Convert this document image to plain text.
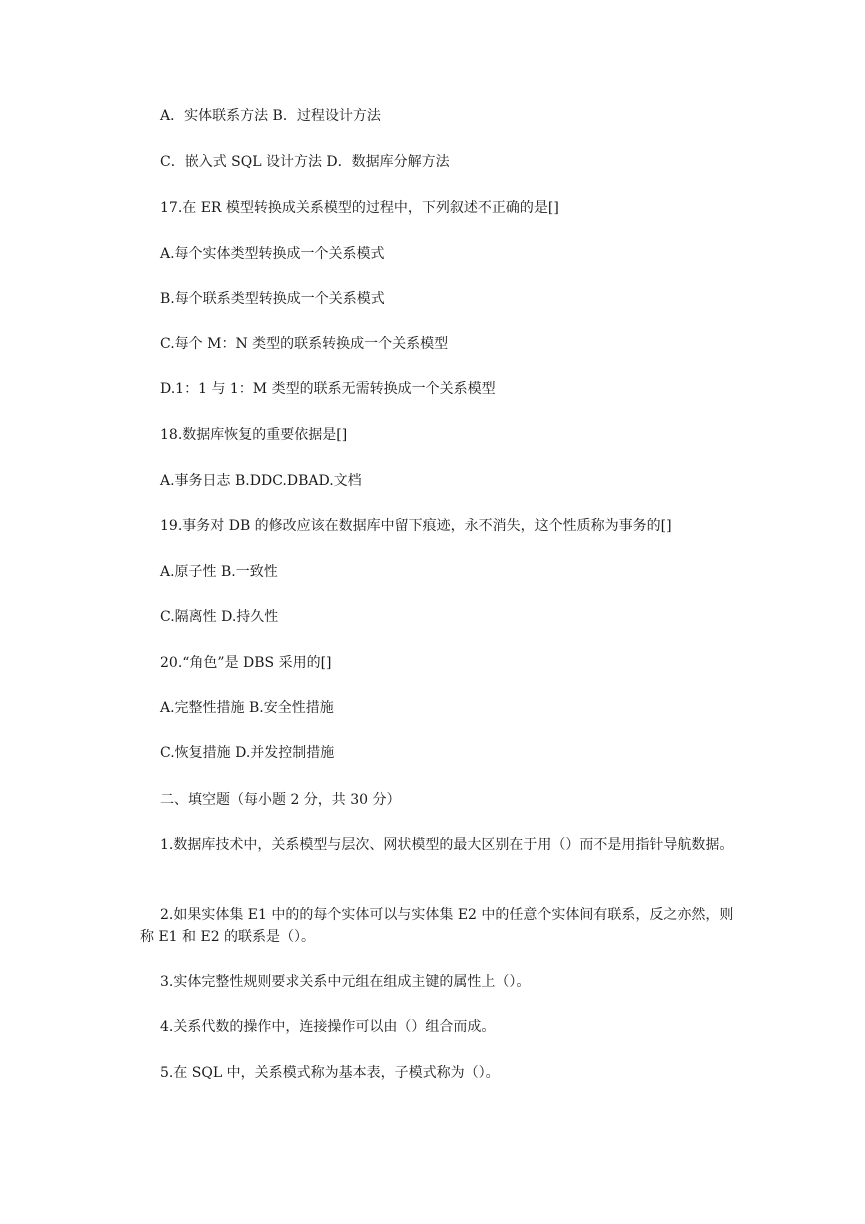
A．实体联系方法 B．过程设计方法
C．嵌入式 SQL 设计方法 D．数据库分解方法
17.在 ER 模型转换成关系模型的过程中，下列叙述不正确的是[]
A.每个实体类型转换成一个关系模式
B.每个联系类型转换成一个关系模式
C.每个 M：N 类型的联系转换成一个关系模型
D.1：1 与 1：M 类型的联系无需转换成一个关系模型
18.数据库恢复的重要依据是[]
A.事务日志 B.DDC.DBAD.文档
19.事务对 DB 的修改应该在数据库中留下痕迹，永不消失，这个性质称为事务的[]
A.原子性 B.一致性
C.隔离性 D.持久性
20.“角色”是 DBS 采用的[]
A.完整性措施 B.安全性措施
C.恢复措施 D.并发控制措施
二、填空题（每小题 2 分，共 30 分）
1.数据库技术中，关系模型与层次、网状模型的最大区别在于用（）而不是用指针导航数据。
2.如果实体集 E1 中的的每个实体可以与实体集 E2 中的任意个实体间有联系，反之亦然，则称 E1 和 E2 的联系是（）。
3.实体完整性规则要求关系中元组在组成主键的属性上（）。
4.关系代数的操作中，连接操作可以由（）组合而成。
5.在 SQL 中，关系模式称为基本表，子模式称为（）。
